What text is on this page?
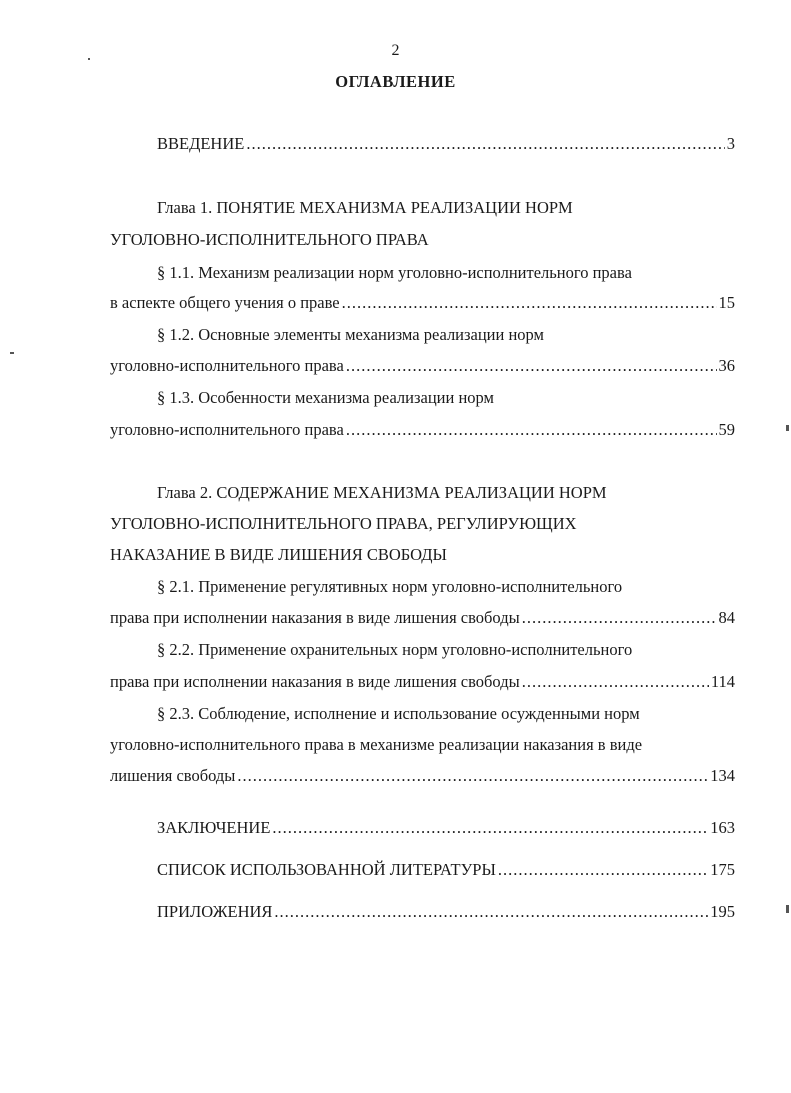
2
ОГЛАВЛЕНИЕ
ВВЕДЕНИЕ .....	3
Глава 1. ПОНЯТИЕ МЕХАНИЗМА РЕАЛИЗАЦИИ НОРМ
УГОЛОВНО-ИСПОЛНИТЕЛЬНОГО ПРАВА
§ 1.1. Механизм реализации норм уголовно-исполнительного права
в аспекте общего учения о праве .....	15
§ 1.2. Основные элементы механизма реализации норм
уголовно-исполнительного права .....	36
§ 1.3. Особенности механизма реализации норм
уголовно-исполнительного права .....	59
Глава 2. СОДЕРЖАНИЕ МЕХАНИЗМА РЕАЛИЗАЦИИ НОРМ
УГОЛОВНО-ИСПОЛНИТЕЛЬНОГО ПРАВА, РЕГУЛИРУЮЩИХ
НАКАЗАНИЕ В ВИДЕ ЛИШЕНИЯ СВОБОДЫ
§ 2.1. Применение регулятивных норм уголовно-исполнительного
права при исполнении наказания в виде лишения свободы .....	84
§ 2.2. Применение охранительных норм уголовно-исполнительного
права при исполнении наказания в виде лишения свободы .....	114
§ 2.3. Соблюдение, исполнение и использование осужденными норм
уголовно-исполнительного права в механизме реализации наказания в виде
лишения свободы .....	134
ЗАКЛЮЧЕНИЕ .....	163
СПИСОК ИСПОЛЬЗОВАННОЙ ЛИТЕРАТУРЫ .....	175
ПРИЛОЖЕНИЯ .....	195
